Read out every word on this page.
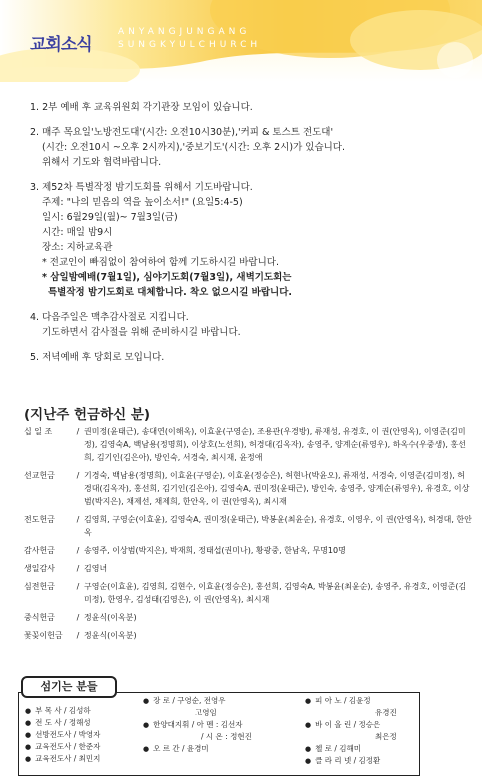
교회소식
ANYANGJUNGANG
SUNGKYULCHURCH
1. 2부 예배 후 교육위원회 각기관장 모임이 있습니다.
2. 매주 목요일'노방전도대'(시간: 오전10시30분),'커피 & 토스트 전도대'
(시간: 오전10시 ~오후 2시까지),'중보기도'(시간: 오후 2시)가 있습니다.
위해서 기도와 협력바랍니다.
3. 제52차 특별작정 밤기도회를 위해서 기도바랍니다.
주제: "나의 믿음의 역을 높이소서!" (요일5:4-5)
일시: 6월29일(월)~ 7월3일(금)
시간: 매일 밤9시
장소: 지하교육관
* 전교인이 빠짐없이 참여하여 함께 기도하시길 바랍니다.
* 삼일밤예배(7월1일), 심야기도회(7월3일), 새벽기도회는
특별작정 밤기도회로 대체합니다. 착오 없으시길 바랍니다.
4. 다음주일은 맥추감사절로 지킵니다.
기도하면서 감사절을 위해 준비하시길 바랍니다.
5. 저녁예배 후 당회로 모입니다.
(지난주 헌금하신 분)
십 일 조	/ 권미정(윤태근), 송대연(이해옥), 이효윤(구영순), 조용관(우경방), 류재성, 유경호, 이 권(안영옥), 이영준(김미정), 김영숙A, 백남용(정명희), 이상호(노선희), 허경대(김옥자), 송영주, 양계순(류영우), 하옥수(우중생), 홍선희, 김기인(김은아), 방인숙, 서경숙, 최시재, 윤정애
선교헌금	/ 기경숙, 백남용(정명희), 이효윤(구영순), 이효윤(정승은), 허현나(박윤오), 류재성, 서경숙, 이영준(김미정), 허경대(김옥자), 홍선희, 김기인(김은아), 김영숙A, 권미정(윤태근), 방인숙, 송영주, 양계순(류영우), 유경호, 이상범(박지은), 채제선, 채제희, 한안옥, 이 권(안영옥), 최시재
전도헌금	/ 김영희, 구영순(이효윤), 김영숙A, 권미정(윤태근), 박봉윤(최윤순), 유경호, 이영우, 이 권(안영옥), 허경대, 한안옥
감사헌금	/ 송영주, 이상범(박지은), 박재희, 정태섭(권미나), 황광중, 한남옥, 무명10명
생일감사	/ 김영녀
심전헌금	/ 구영순(이효윤), 김영희, 김현수, 이효윤(정승은), 홍선희, 김영숙A, 박봉윤(최윤순), 송영주, 유경호, 이영준(김미정), 한영우, 김성태(김영은), 이 권(안영옥), 최시재
중식헌금	/ 정윤식(이옥분)
꽃꽂이헌금	/ 정윤식(이옥분)
● 부 목 사 / 김성하
● 전 도 사 / 정해성
● 선방전도사 / 박영자
● 교육전도사 / 한준자
● 교육전도사 / 최민지
● 장 로 / 구영순, 전영우
고영임
● 한양대지휘 / 아 멘 : 김선자
/ 시 온 : 정현진
● 오 르 간 / 윤경미
● 피 아 노 / 김윤정
유경진
● 바 이 올 린 / 정승은
최은정
● 첼 로 / 김해미
● 클 라 리 넷 / 김정환
섬기는 분들
